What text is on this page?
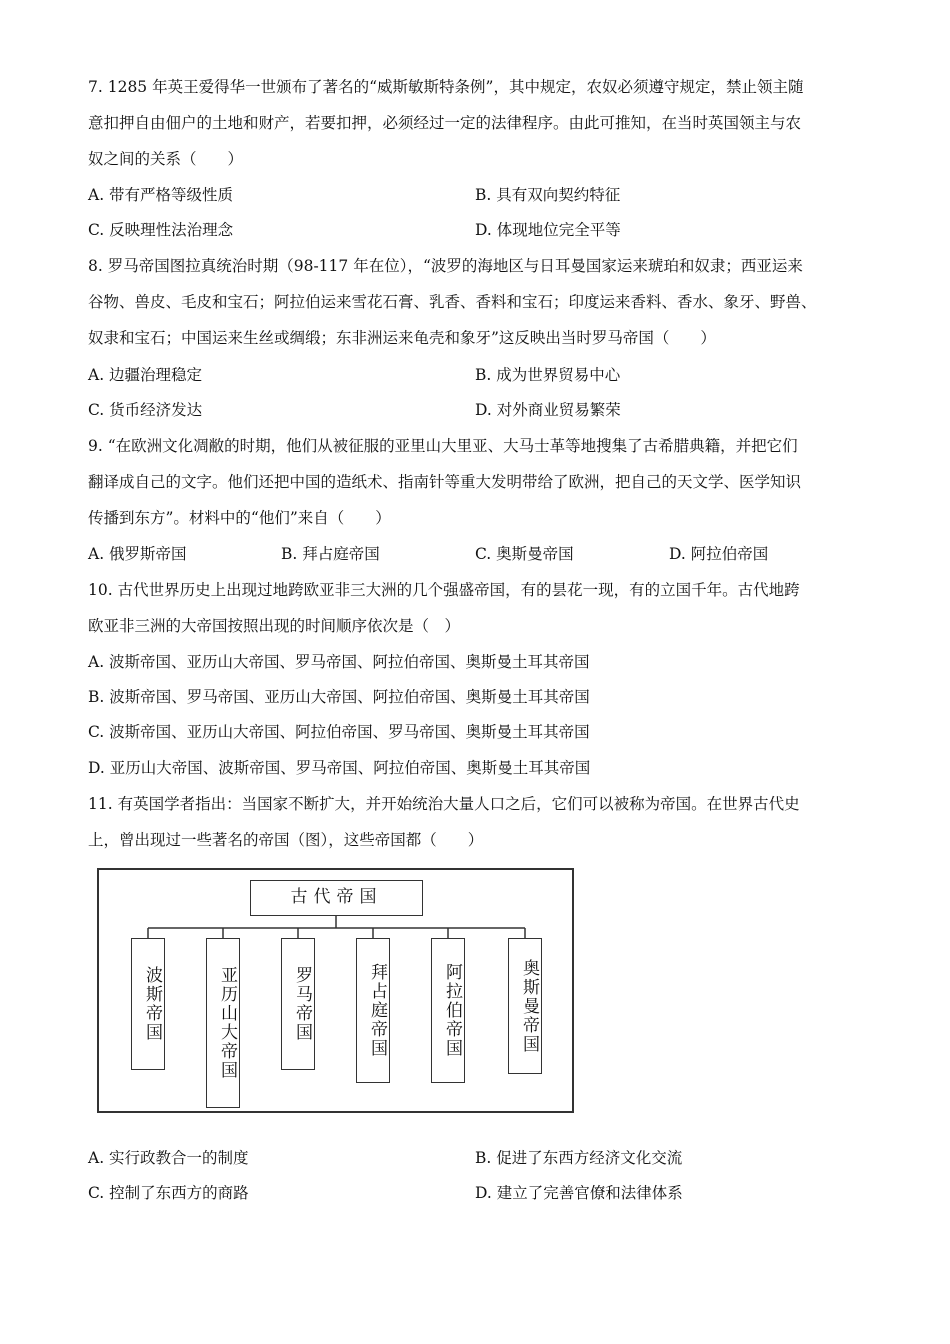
7. 1285 年英王爱得华一世颁布了著名的“威斯敏斯特条例”，其中规定，农奴必须遵守规定，禁止领主随
意扣押自由佃户的土地和财产，若要扣押，必须经过一定的法律程序。由此可推知，在当时英国领主与农
奴之间的关系（　　）
A. 带有严格等级性质	B. 具有双向契约特征
C. 反映理性法治理念	D. 体现地位完全平等
8. 罗马帝国图拉真统治时期（98-117 年在位），“波罗的海地区与日耳曼国家运来琥珀和奴隶；西亚运来
谷物、兽皮、毛皮和宝石；阿拉伯运来雪花石膏、乳香、香料和宝石；印度运来香料、香水、象牙、野兽、
奴隶和宝石；中国运来生丝或绸缎；东非洲运来龟壳和象牙”这反映出当时罗马帝国（　　）
A. 边疆治理稳定	B. 成为世界贸易中心
C. 货币经济发达	D. 对外商业贸易繁荣
9. “在欧洲文化凋敝的时期，他们从被征服的亚里山大里亚、大马士革等地搜集了古希腊典籍，并把它们
翻译成自己的文字。他们还把中国的造纸术、指南针等重大发明带给了欧洲，把自己的天文学、医学知识
传播到东方”。材料中的“他们”来自（　　）
A. 俄罗斯帝国	B. 拜占庭帝国	C. 奥斯曼帝国	D. 阿拉伯帝国
10. 古代世界历史上出现过地跨欧亚非三大洲的几个强盛帝国，有的昙花一现，有的立国千年。古代地跨
欧亚非三洲的大帝国按照出现的时间顺序依次是（　）
A. 波斯帝国、亚历山大帝国、罗马帝国、阿拉伯帝国、奥斯曼土耳其帝国
B. 波斯帝国、罗马帝国、亚历山大帝国、阿拉伯帝国、奥斯曼土耳其帝国
C. 波斯帝国、亚历山大帝国、阿拉伯帝国、罗马帝国、奥斯曼土耳其帝国
D. 亚历山大帝国、波斯帝国、罗马帝国、阿拉伯帝国、奥斯曼土耳其帝国
11. 有英国学者指出：当国家不断扩大，并开始统治大量人口之后，它们可以被称为帝国。在世界古代史
上，曾出现过一些著名的帝国（图），这些帝国都（　　）
古代帝国
波斯帝国	亚历山大帝国	罗马帝国	拜占庭帝国	阿拉伯帝国	奥斯曼帝国
A. 实行政教合一的制度	B. 促进了东西方经济文化交流
C. 控制了东西方的商路	D. 建立了完善官僚和法律体系
